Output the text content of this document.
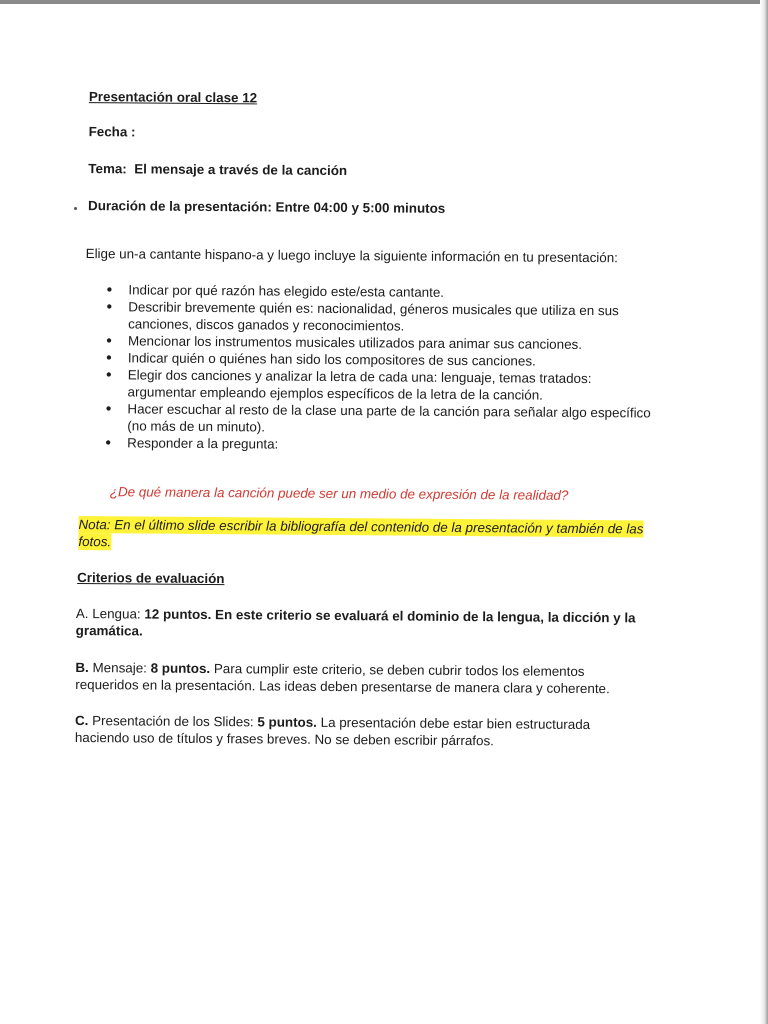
Presentación oral clase 12
Fecha :
Tema: El mensaje a través de la canción
Duración de la presentación: Entre 04:00 y 5:00 minutos
Elige un-a cantante hispano-a y luego incluye la siguiente información en tu presentación:
● Indicar por qué razón has elegido este/esta cantante.
● Describir brevemente quién es: nacionalidad, géneros musicales que utiliza en sus canciones, discos ganados y reconocimientos.
● Mencionar los instrumentos musicales utilizados para animar sus canciones.
● Indicar quién o quiénes han sido los compositores de sus canciones.
● Elegir dos canciones y analizar la letra de cada una: lenguaje, temas tratados: argumentar empleando ejemplos específicos de la letra de la canción.
● Hacer escuchar al resto de la clase una parte de la canción para señalar algo específico (no más de un minuto).
● Responder a la pregunta:
¿De qué manera la canción puede ser un medio de expresión de la realidad?
Nota: En el último slide escribir la bibliografía del contenido de la presentación y también de las fotos.
Criterios de evaluación
A. Lengua: 12 puntos. En este criterio se evaluará el dominio de la lengua, la dicción y la gramática.
B. Mensaje: 8 puntos. Para cumplir este criterio, se deben cubrir todos los elementos requeridos en la presentación. Las ideas deben presentarse de manera clara y coherente.
C. Presentación de los Slides: 5 puntos. La presentación debe estar bien estructurada haciendo uso de títulos y frases breves. No se deben escribir párrafos.
